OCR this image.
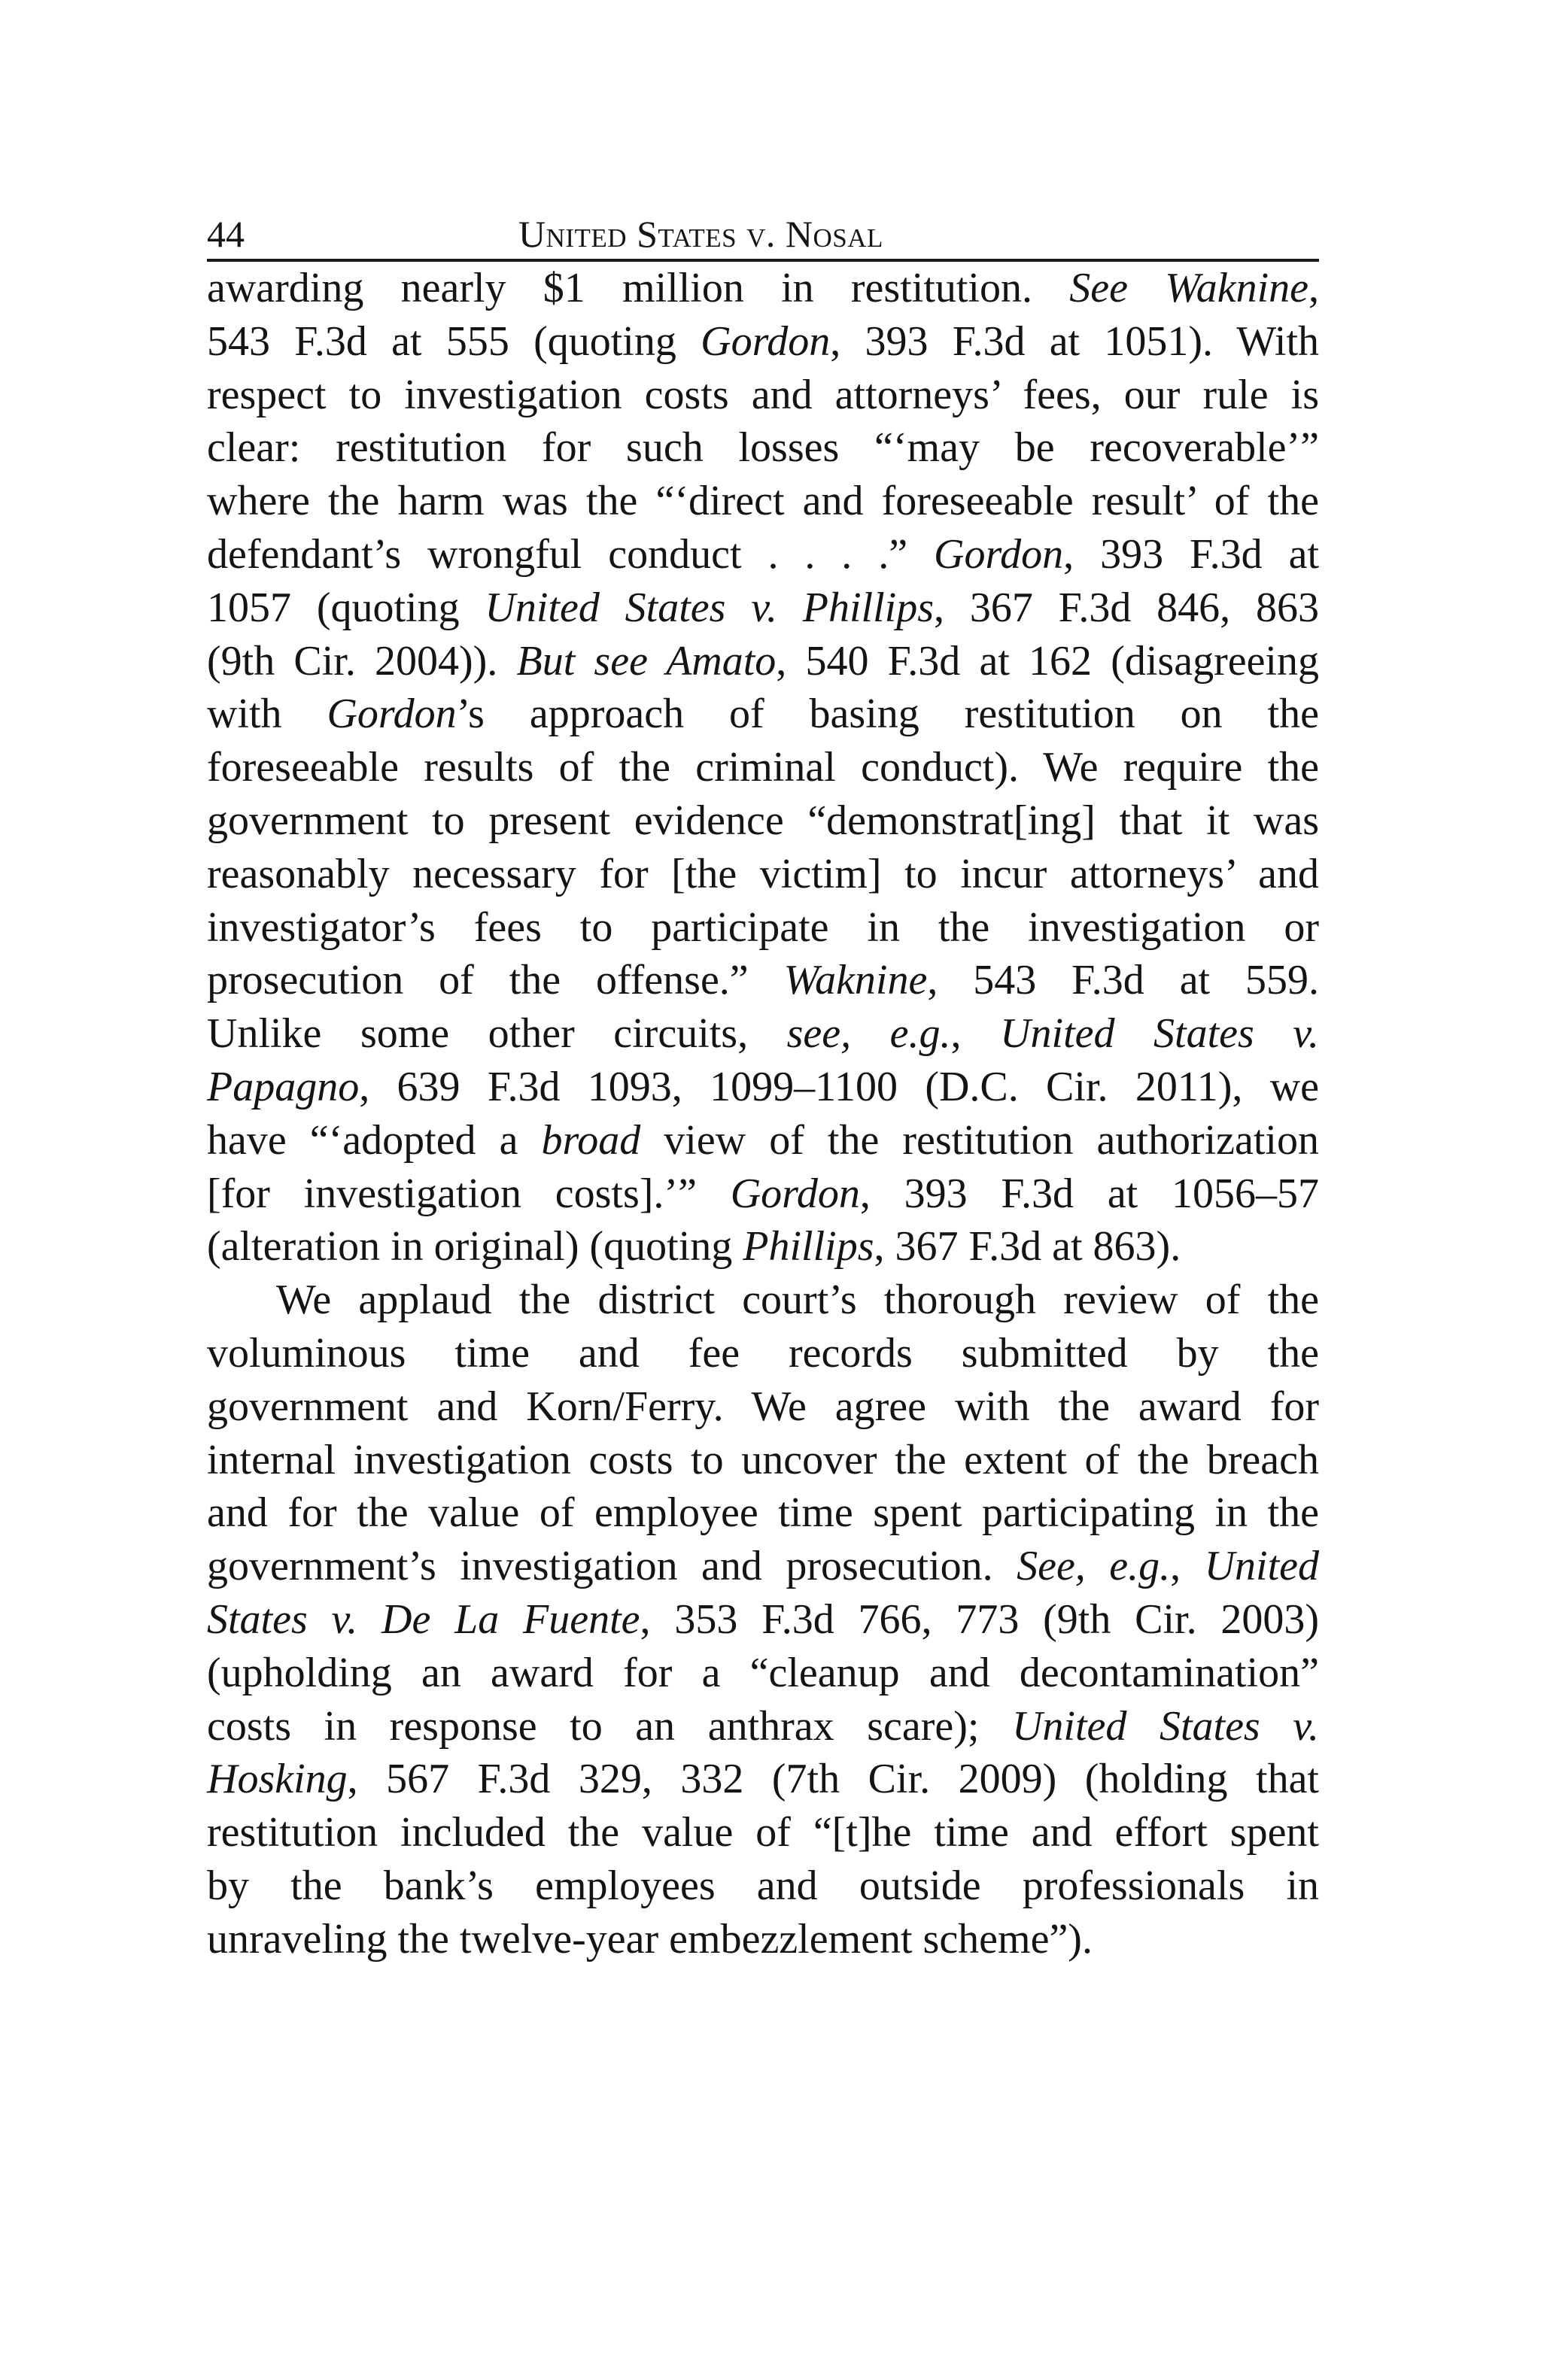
44	United States v. Nosal

awarding nearly $1 million in restitution. See Waknine,
543 F.3d at 555 (quoting Gordon, 393 F.3d at 1051). With
respect to investigation costs and attorneys’ fees, our rule is
clear: restitution for such losses “‘may be recoverable’”
where the harm was the “‘direct and foreseeable result’ of the
defendant’s wrongful conduct . . . .” Gordon, 393 F.3d at
1057 (quoting United States v. Phillips, 367 F.3d 846, 863
(9th Cir. 2004)). But see Amato, 540 F.3d at 162 (disagreeing
with Gordon’s approach of basing restitution on the
foreseeable results of the criminal conduct). We require the
government to present evidence “demonstrat[ing] that it was
reasonably necessary for [the victim] to incur attorneys’ and
investigator’s fees to participate in the investigation or
prosecution of the offense.” Waknine, 543 F.3d at 559.
Unlike some other circuits, see, e.g., United States v.
Papagno, 639 F.3d 1093, 1099–1100 (D.C. Cir. 2011), we
have “‘adopted a broad view of the restitution authorization
[for investigation costs].’” Gordon, 393 F.3d at 1056–57
(alteration in original) (quoting Phillips, 367 F.3d at 863).

We applaud the district court’s thorough review of the
voluminous time and fee records submitted by the
government and Korn/Ferry. We agree with the award for
internal investigation costs to uncover the extent of the breach
and for the value of employee time spent participating in the
government’s investigation and prosecution. See, e.g., United
States v. De La Fuente, 353 F.3d 766, 773 (9th Cir. 2003)
(upholding an award for a “cleanup and decontamination”
costs in response to an anthrax scare); United States v.
Hosking, 567 F.3d 329, 332 (7th Cir. 2009) (holding that
restitution included the value of “[t]he time and effort spent
by the bank’s employees and outside professionals in
unraveling the twelve-year embezzlement scheme”).
